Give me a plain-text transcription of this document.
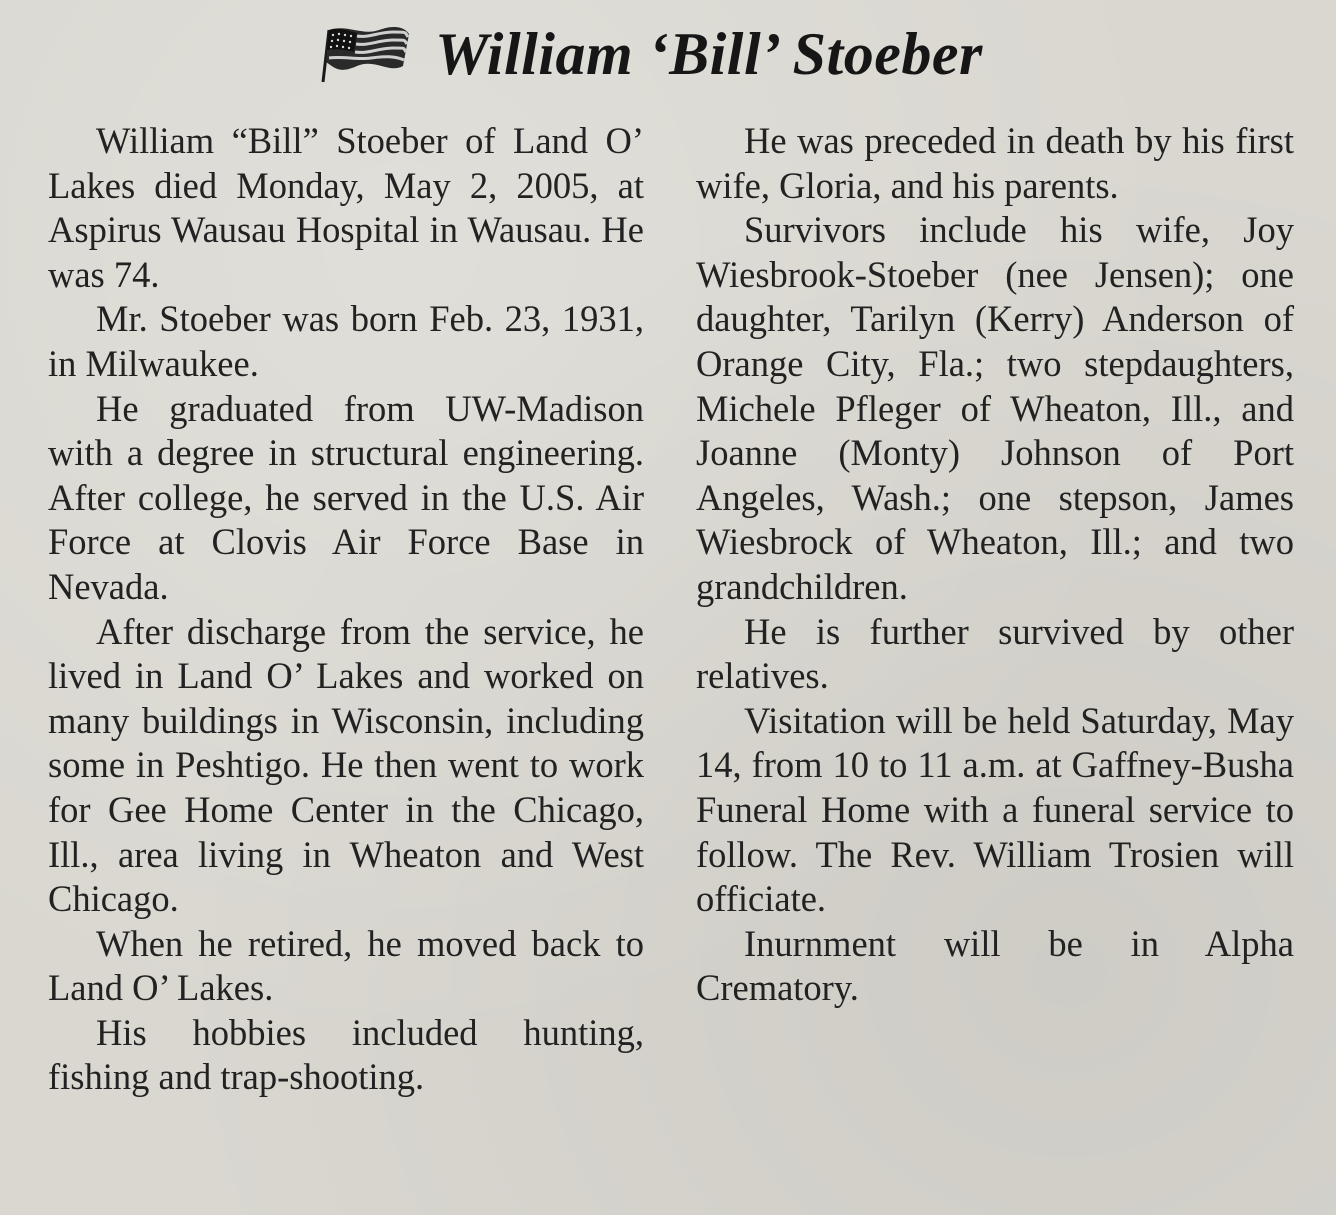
William ‘Bill’ Stoeber

William “Bill” Stoeber of Land O’ Lakes died Monday, May 2, 2005, at Aspirus Wausau Hospital in Wausau. He was 74.

Mr. Stoeber was born Feb. 23, 1931, in Milwaukee.

He graduated from UW-Madison with a degree in structural engineering. After college, he served in the U.S. Air Force at Clovis Air Force Base in Nevada.

After discharge from the service, he lived in Land O’ Lakes and worked on many buildings in Wisconsin, including some in Peshtigo. He then went to work for Gee Home Center in the Chicago, Ill., area living in Wheaton and West Chicago.

When he retired, he moved back to Land O’ Lakes.

His hobbies included hunting, fishing and trap-shooting.

He was preceded in death by his first wife, Gloria, and his parents.

Survivors include his wife, Joy Wiesbrook-Stoeber (nee Jensen); one daughter, Tarilyn (Kerry) Anderson of Orange City, Fla.; two stepdaughters, Michele Pfleger of Wheaton, Ill., and Joanne (Monty) Johnson of Port Angeles, Wash.; one stepson, James Wiesbrock of Wheaton, Ill.; and two grandchildren.

He is further survived by other relatives.

Visitation will be held Saturday, May 14, from 10 to 11 a.m. at Gaffney-Busha Funeral Home with a funeral service to follow. The Rev. William Trosien will officiate.

Inurnment will be in Alpha Crematory.
